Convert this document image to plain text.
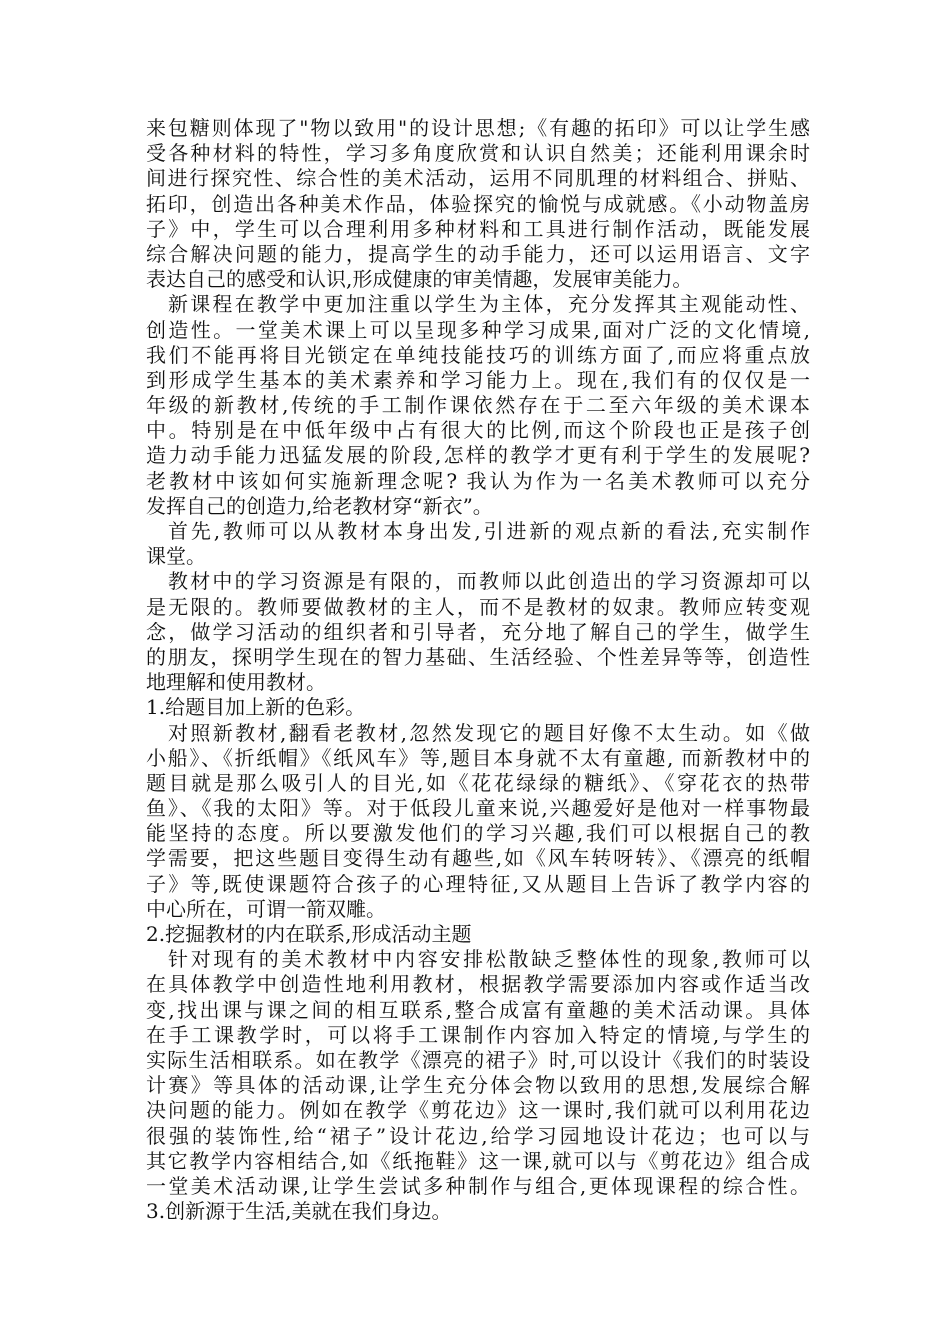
来包糖则体现了"物以致用"的设计思想;《有趣的拓印》可以让学生感
受各种材料的特性，学习多角度欣赏和认识自然美；还能利用课余时
间进行探究性、综合性的美术活动，运用不同肌理的材料组合、拼贴、
拓印，创造出各种美术作品，体验探究的愉悦与成就感。《小动物盖房
子》中，学生可以合理利用多种材料和工具进行制作活动，既能发展
综合解决问题的能力，提高学生的动手能力，还可以运用语言、文字
表达自己的感受和认识,形成健康的审美情趣，发展审美能力。
新课程在教学中更加注重以学生为主体，充分发挥其主观能动性、
创造性。一堂美术课上可以呈现多种学习成果,面对广泛的文化情境,
我们不能再将目光锁定在单纯技能技巧的训练方面了,而应将重点放
到形成学生基本的美术素养和学习能力上。现在,我们有的仅仅是一
年级的新教材,传统的手工制作课依然存在于二至六年级的美术课本
中。特别是在中低年级中占有很大的比例,而这个阶段也正是孩子创
造力动手能力迅猛发展的阶段,怎样的教学才更有利于学生的发展呢?
老教材中该如何实施新理念呢? 我认为作为一名美术教师可以充分
发挥自己的创造力,给老教材穿“新衣”。
首先,教师可以从教材本身出发,引进新的观点新的看法,充实制作
课堂。
教材中的学习资源是有限的，而教师以此创造出的学习资源却可以
是无限的。教师要做教材的主人，而不是教材的奴隶。教师应转变观
念，做学习活动的组织者和引导者，充分地了解自己的学生，做学生
的朋友，探明学生现在的智力基础、生活经验、个性差异等等，创造性
地理解和使用教材。
1.给题目加上新的色彩。
对照新教材,翻看老教材,忽然发现它的题目好像不太生动。如《做
小船》、《折纸帽》《纸风车》等,题目本身就不太有童趣, 而新教材中的
题目就是那么吸引人的目光,如《花花绿绿的糖纸》、《穿花衣的热带
鱼》、《我的太阳》等。对于低段儿童来说,兴趣爱好是他对一样事物最
能坚持的态度。所以要激发他们的学习兴趣,我们可以根据自己的教
学需要，把这些题目变得生动有趣些,如《风车转呀转》、《漂亮的纸帽
子》等,既使课题符合孩子的心理特征,又从题目上告诉了教学内容的
中心所在，可谓一箭双雕。
2.挖掘教材的内在联系,形成活动主题
针对现有的美术教材中内容安排松散缺乏整体性的现象,教师可以
在具体教学中创造性地利用教材，根据教学需要添加内容或作适当改
变,找出课与课之间的相互联系,整合成富有童趣的美术活动课。具体
在手工课教学时，可以将手工课制作内容加入特定的情境,与学生的
实际生活相联系。如在教学《漂亮的裙子》时,可以设计《我们的时装设
计赛》等具体的活动课,让学生充分体会物以致用的思想,发展综合解
决问题的能力。例如在教学《剪花边》这一课时,我们就可以利用花边
很强的装饰性,给“裙子”设计花边,给学习园地设计花边；也可以与
其它教学内容相结合,如《纸拖鞋》这一课,就可以与《剪花边》组合成
一堂美术活动课,让学生尝试多种制作与组合,更体现课程的综合性。
3.创新源于生活,美就在我们身边。
